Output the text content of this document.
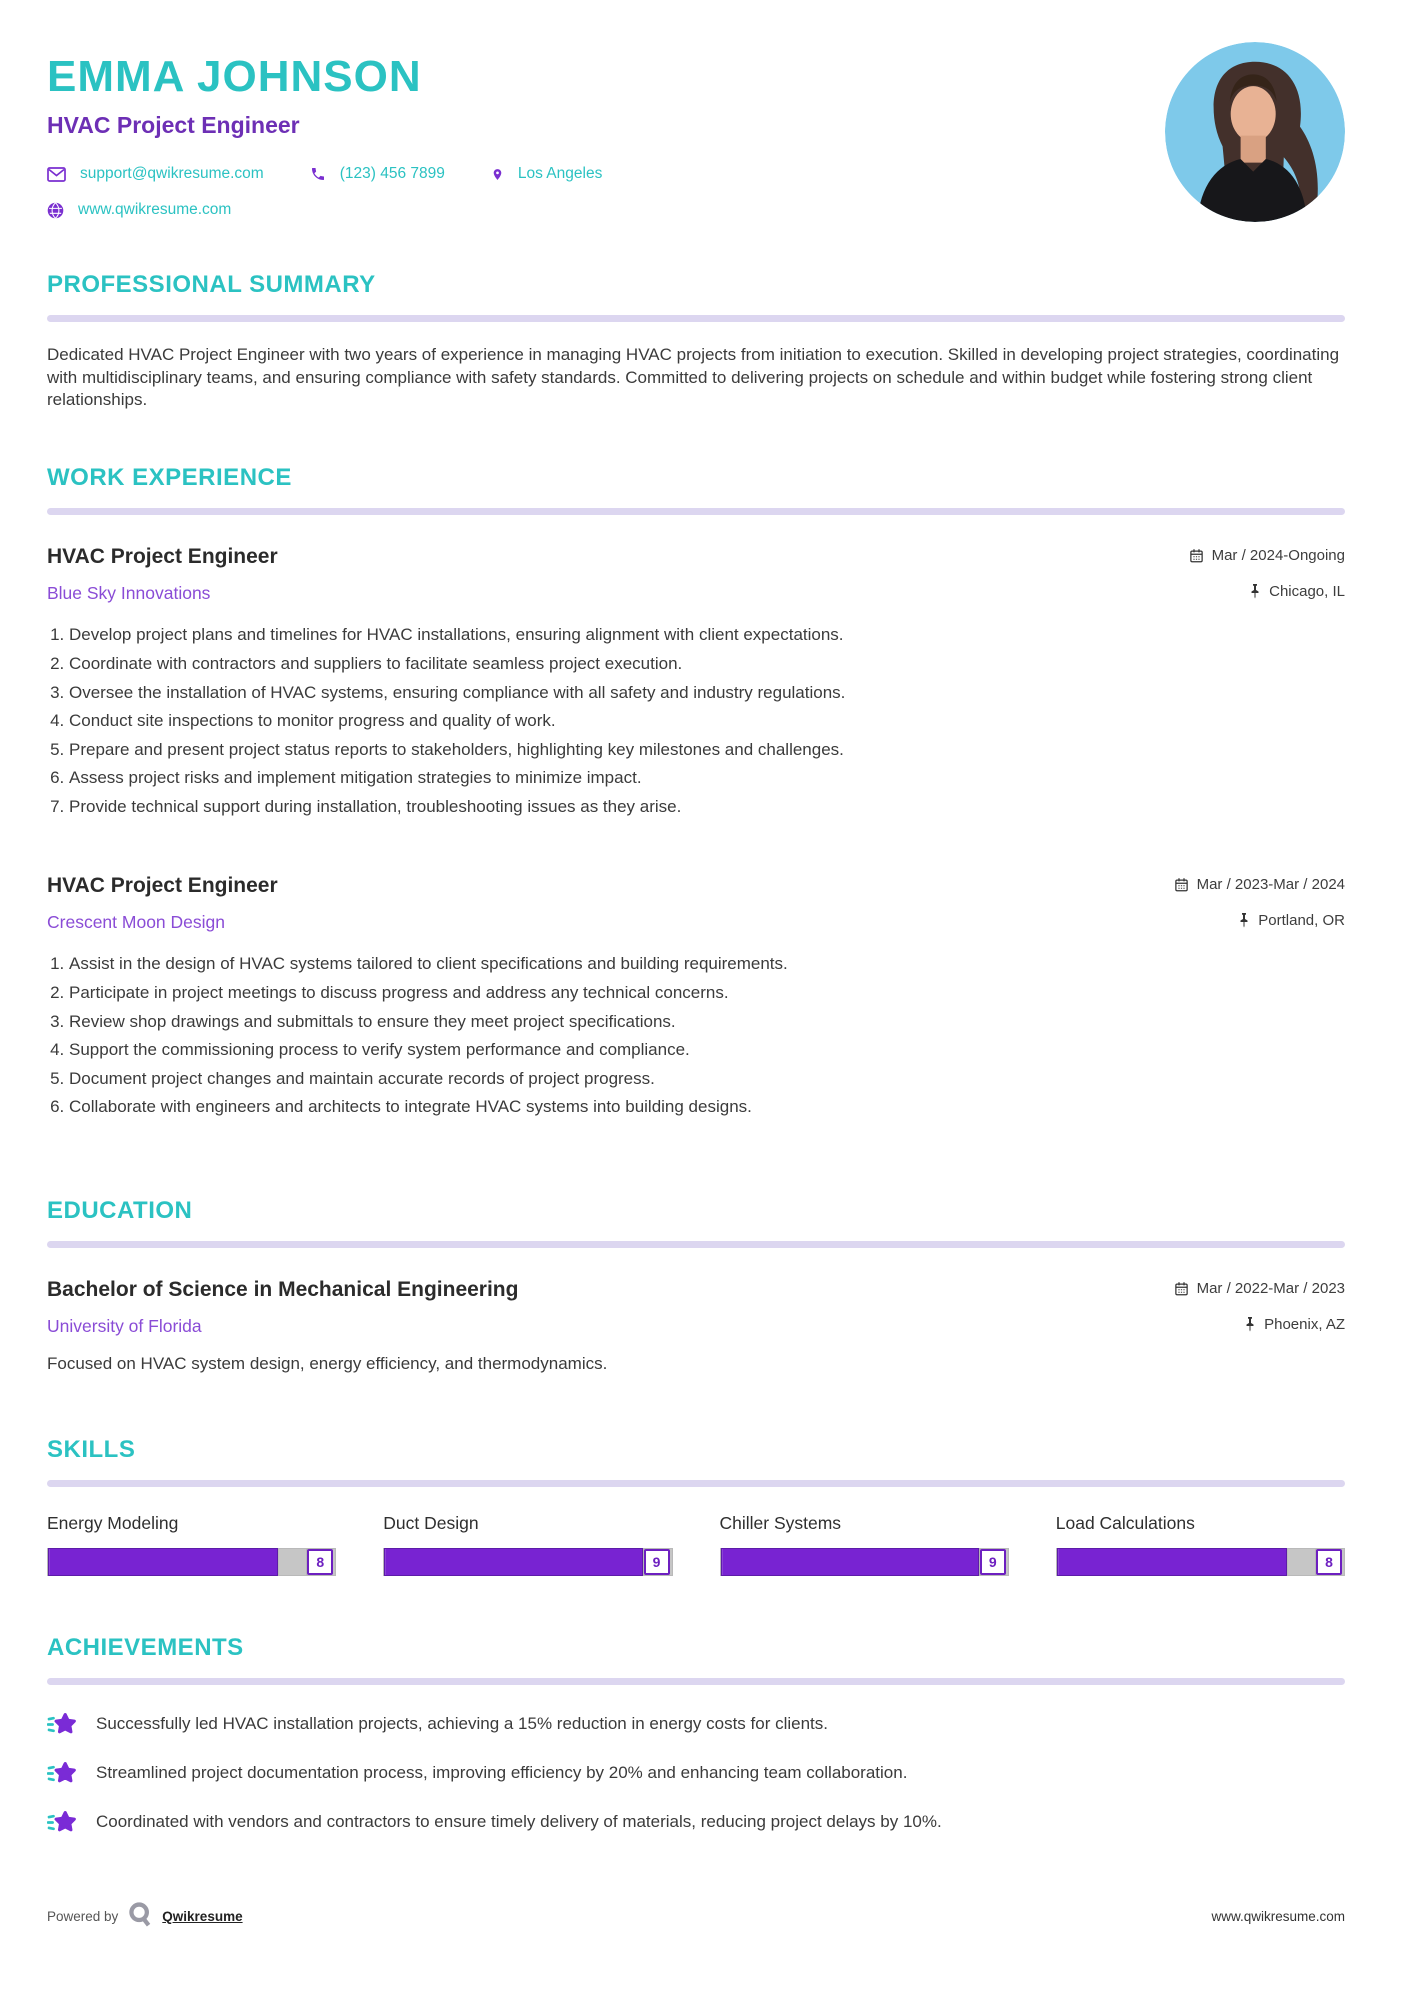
EMMA JOHNSON
HVAC Project Engineer
support@qwikresume.com	(123) 456 7899	Los Angeles
www.qwikresume.com
PROFESSIONAL SUMMARY

Dedicated HVAC Project Engineer with two years of experience in managing HVAC projects from initiation to execution. Skilled in developing project strategies, coordinating with multidisciplinary teams, and ensuring compliance with safety standards. Committed to delivering projects on schedule and within budget while fostering strong client relationships.

WORK EXPERIENCE
HVAC Project Engineer	Mar / 2024-Ongoing
Blue Sky Innovations	Chicago, IL
1. Develop project plans and timelines for HVAC installations, ensuring alignment with client expectations.
2. Coordinate with contractors and suppliers to facilitate seamless project execution.
3. Oversee the installation of HVAC systems, ensuring compliance with all safety and industry regulations.
4. Conduct site inspections to monitor progress and quality of work.
5. Prepare and present project status reports to stakeholders, highlighting key milestones and challenges.
6. Assess project risks and implement mitigation strategies to minimize impact.
7. Provide technical support during installation, troubleshooting issues as they arise.
HVAC Project Engineer	Mar / 2023-Mar / 2024
Crescent Moon Design	Portland, OR
1. Assist in the design of HVAC systems tailored to client specifications and building requirements.
2. Participate in project meetings to discuss progress and address any technical concerns.
3. Review shop drawings and submittals to ensure they meet project specifications.
4. Support the commissioning process to verify system performance and compliance.
5. Document project changes and maintain accurate records of project progress.
6. Collaborate with engineers and architects to integrate HVAC systems into building designs.
EDUCATION
Bachelor of Science in Mechanical Engineering	Mar / 2022-Mar / 2023
University of Florida	Phoenix, AZ

Focused on HVAC system design, energy efficiency, and thermodynamics.

SKILLS
Energy Modeling
8
Duct Design
9
Chiller Systems
9
Load Calculations
8
ACHIEVEMENTS
Successfully led HVAC installation projects, achieving a 15% reduction in energy costs for clients.
Streamlined project documentation process, improving efficiency by 20% and enhancing team collaboration.
Coordinated with vendors and contractors to ensure timely delivery of materials, reducing project delays by 10%.
Powered by	Qwikresume	www.qwikresume.com
